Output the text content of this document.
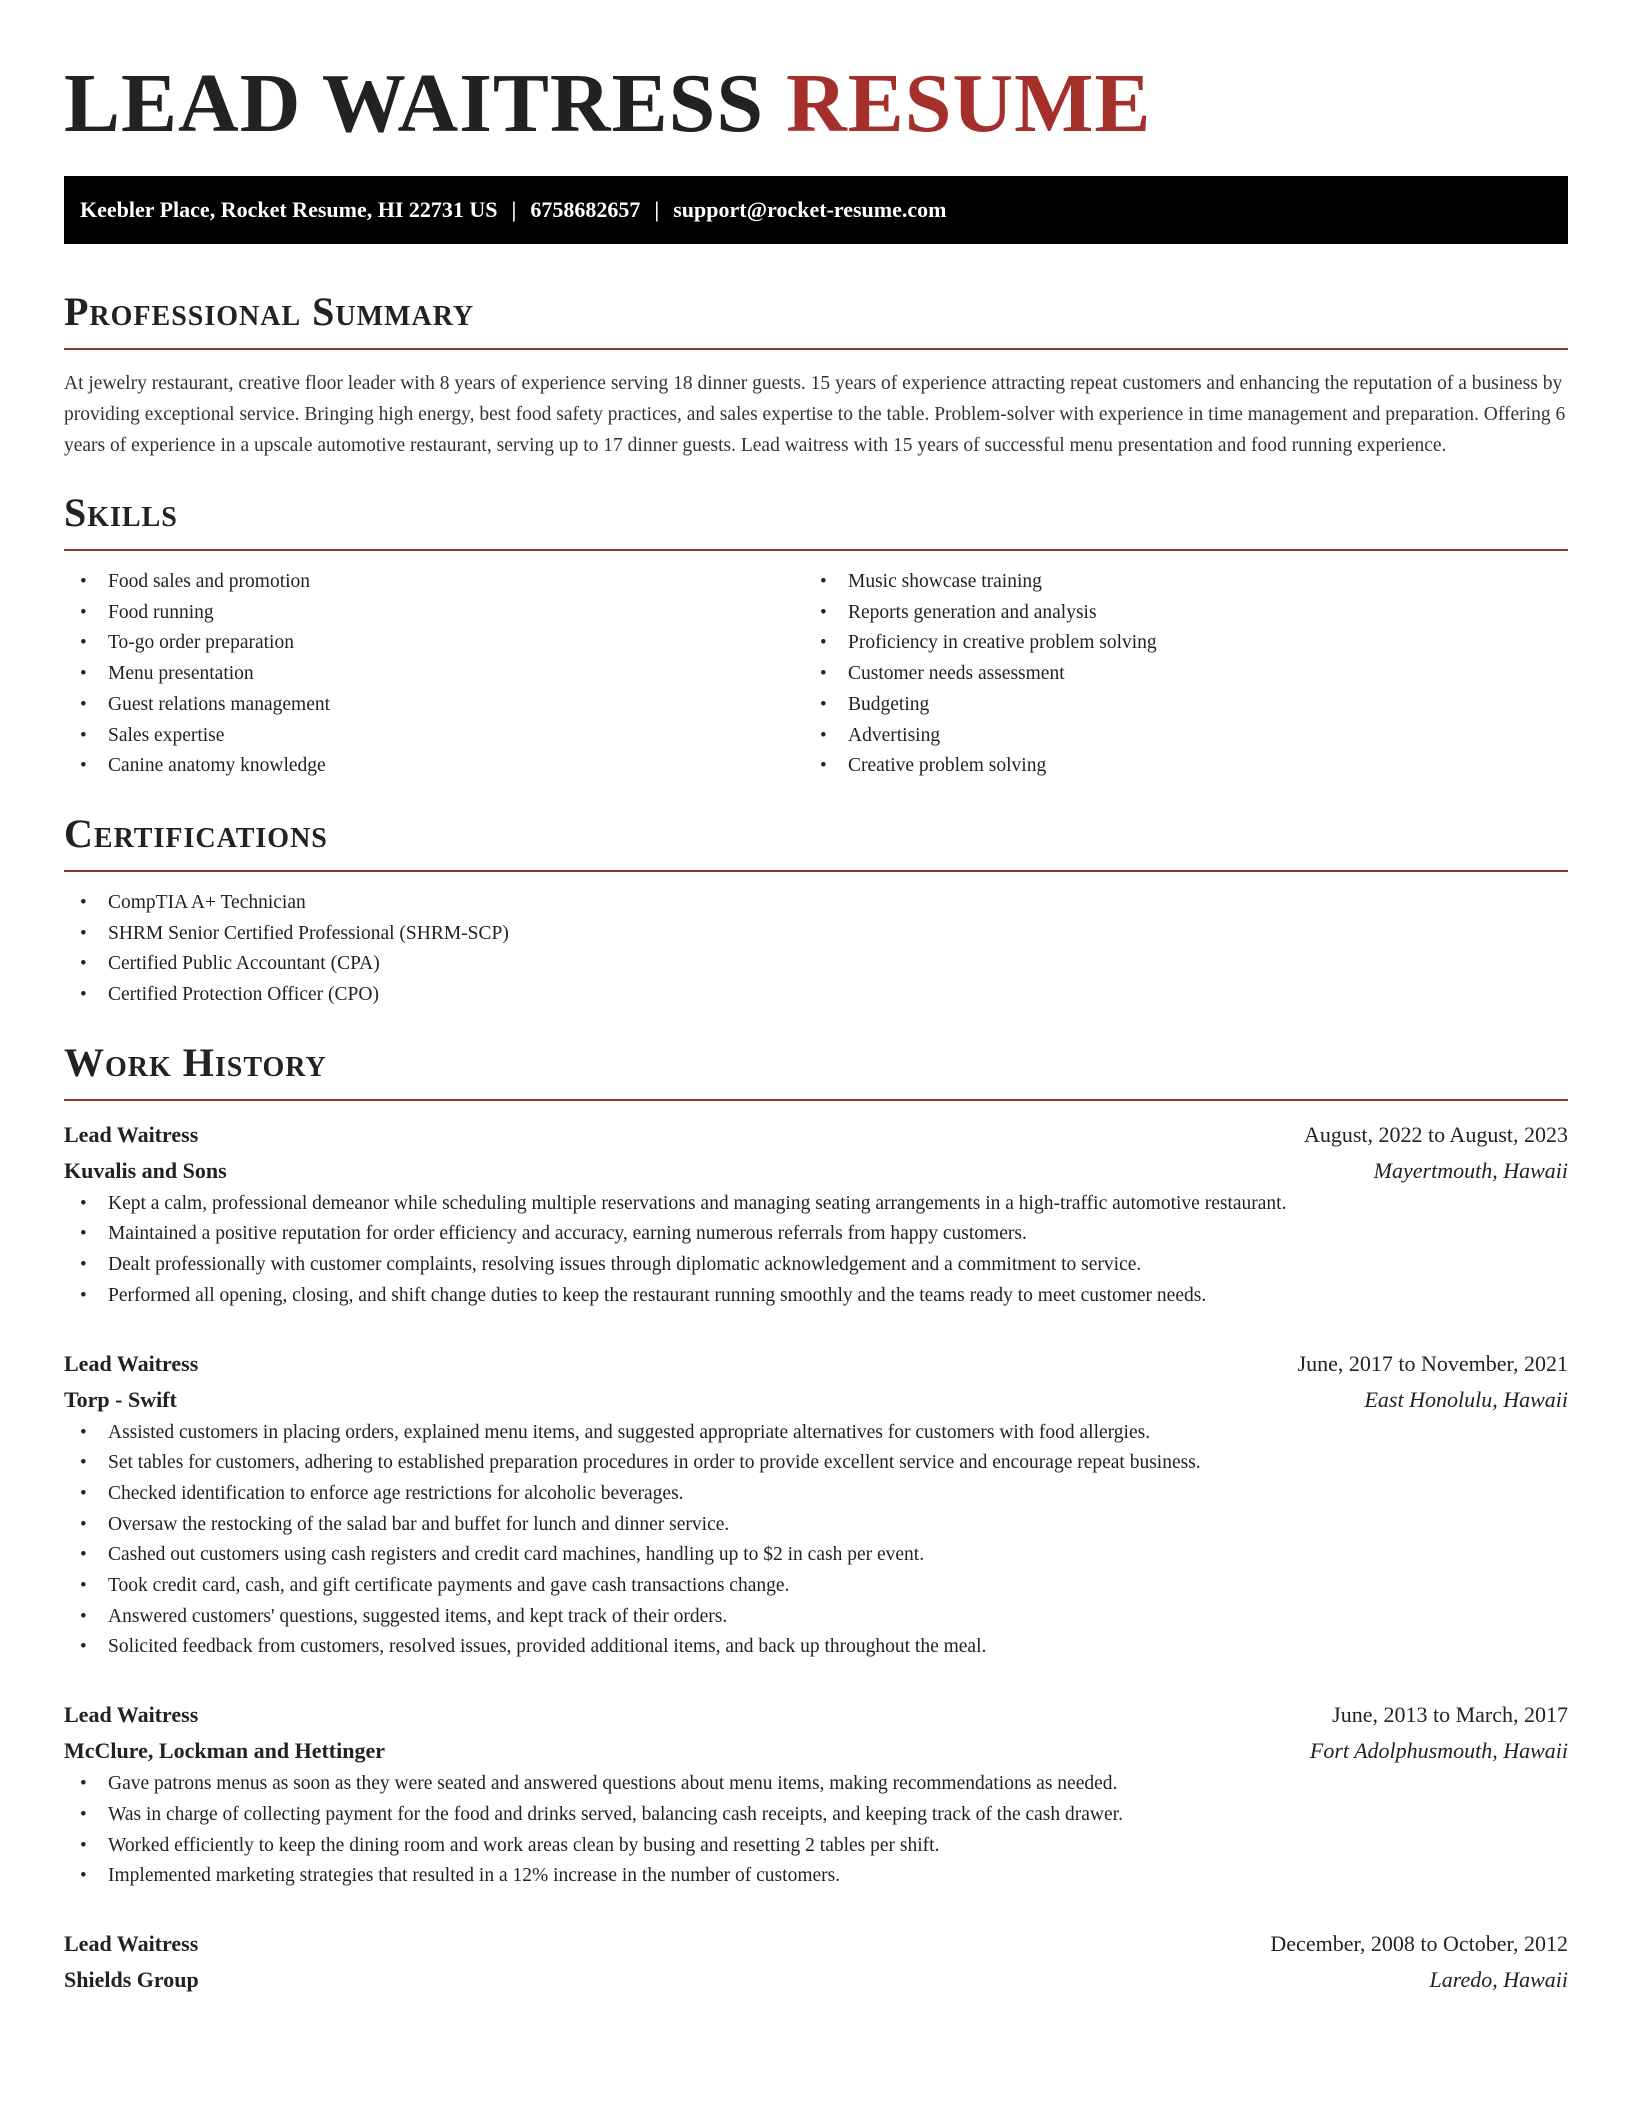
LEAD WAITRESS RESUME
Keebler Place, Rocket Resume, HI 22731 US | 6758682657 | support@rocket-resume.com
Professional Summary

At jewelry restaurant, creative floor leader with 8 years of experience serving 18 dinner guests. 15 years of experience attracting repeat customers and enhancing the reputation of a business by providing exceptional service. Bringing high energy, best food safety practices, and sales expertise to the table. Problem-solver with experience in time management and preparation. Offering 6 years of experience in a upscale automotive restaurant, serving up to 17 dinner guests. Lead waitress with 15 years of successful menu presentation and food running experience.

Skills
• Food sales and promotion
• Food running
• To-go order preparation
• Menu presentation
• Guest relations management
• Sales expertise
• Canine anatomy knowledge
• Music showcase training
• Reports generation and analysis
• Proficiency in creative problem solving
• Customer needs assessment
• Budgeting
• Advertising
• Creative problem solving
Certifications
• CompTIA A+ Technician
• SHRM Senior Certified Professional (SHRM-SCP)
• Certified Public Accountant (CPA)
• Certified Protection Officer (CPO)
Work History
Lead Waitress	August, 2022 to August, 2023
Kuvalis and Sons	Mayertmouth, Hawaii
• Kept a calm, professional demeanor while scheduling multiple reservations and managing seating arrangements in a high-traffic automotive restaurant.
• Maintained a positive reputation for order efficiency and accuracy, earning numerous referrals from happy customers.
• Dealt professionally with customer complaints, resolving issues through diplomatic acknowledgement and a commitment to service.
• Performed all opening, closing, and shift change duties to keep the restaurant running smoothly and the teams ready to meet customer needs.
Lead Waitress	June, 2017 to November, 2021
Torp - Swift	East Honolulu, Hawaii
• Assisted customers in placing orders, explained menu items, and suggested appropriate alternatives for customers with food allergies.
• Set tables for customers, adhering to established preparation procedures in order to provide excellent service and encourage repeat business.
• Checked identification to enforce age restrictions for alcoholic beverages.
• Oversaw the restocking of the salad bar and buffet for lunch and dinner service.
• Cashed out customers using cash registers and credit card machines, handling up to $2 in cash per event.
• Took credit card, cash, and gift certificate payments and gave cash transactions change.
• Answered customers' questions, suggested items, and kept track of their orders.
• Solicited feedback from customers, resolved issues, provided additional items, and back up throughout the meal.
Lead Waitress	June, 2013 to March, 2017
McClure, Lockman and Hettinger	Fort Adolphusmouth, Hawaii
• Gave patrons menus as soon as they were seated and answered questions about menu items, making recommendations as needed.
• Was in charge of collecting payment for the food and drinks served, balancing cash receipts, and keeping track of the cash drawer.
• Worked efficiently to keep the dining room and work areas clean by busing and resetting 2 tables per shift.
• Implemented marketing strategies that resulted in a 12% increase in the number of customers.
Lead Waitress	December, 2008 to October, 2012
Shields Group	Laredo, Hawaii
